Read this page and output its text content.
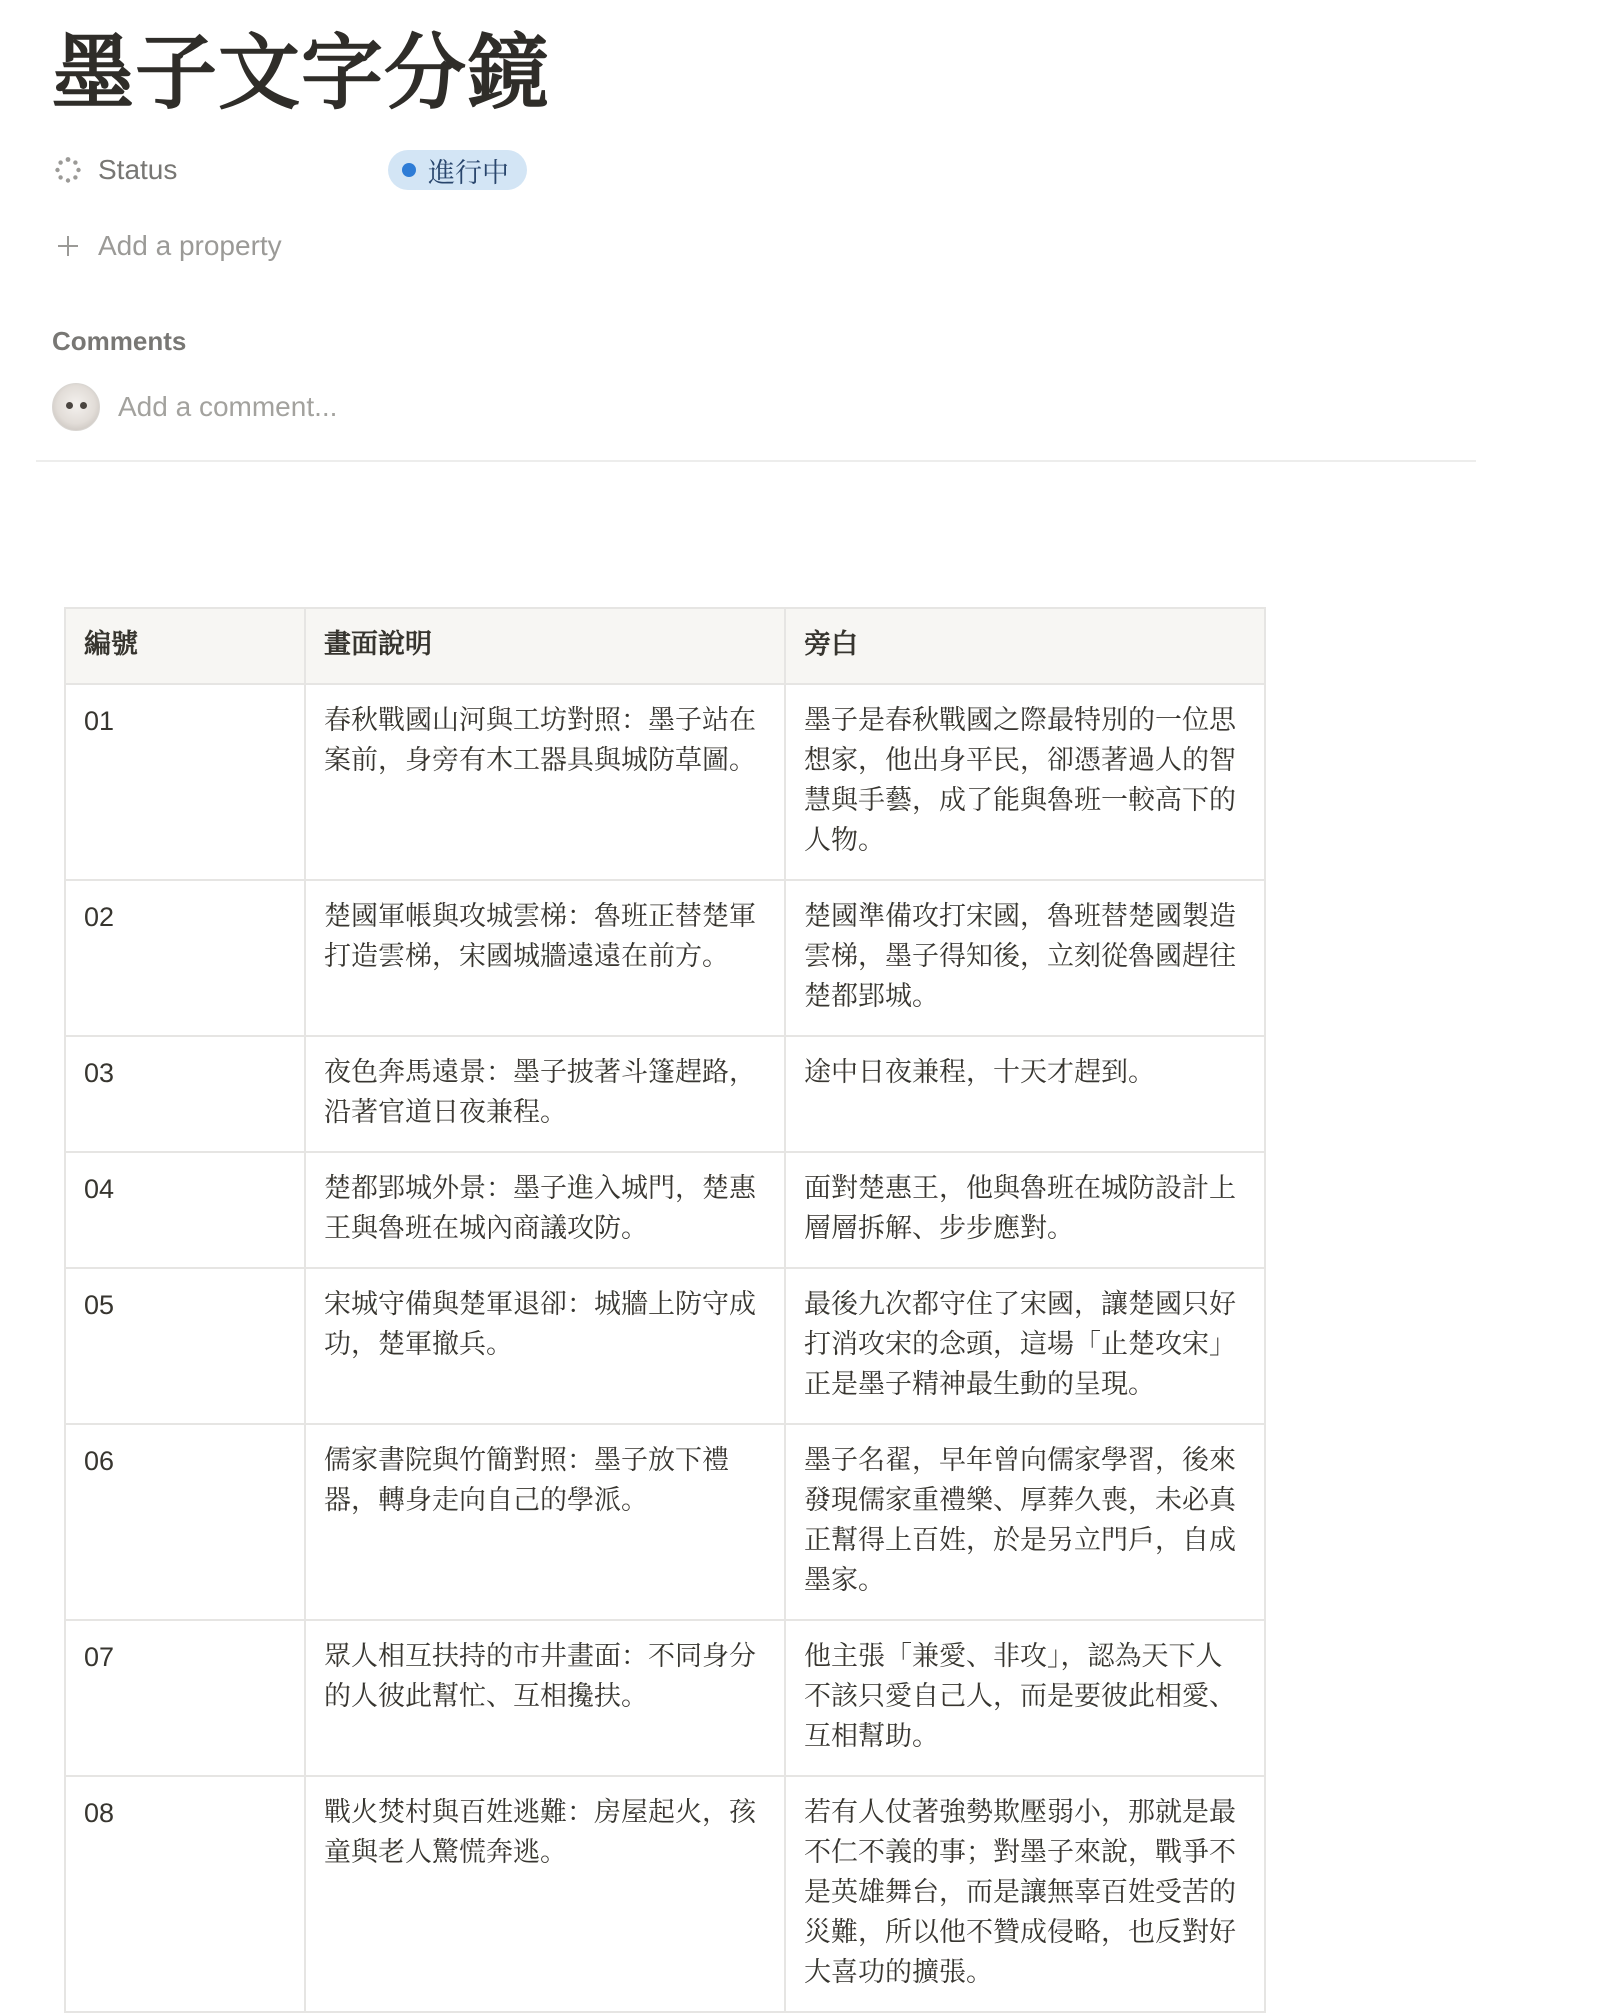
墨子文字分鏡
Status	進行中
Add a property
Comments
Add a comment...
編號	畫面說明	旁白
01	春秋戰國山河與工坊對照：墨子站在案前，身旁有木工器具與城防草圖。	墨子是春秋戰國之際最特別的一位思想家，他出身平民，卻憑著過人的智慧與手藝，成了能與魯班一較高下的人物。
02	楚國軍帳與攻城雲梯：魯班正替楚軍打造雲梯，宋國城牆遠遠在前方。	楚國準備攻打宋國，魯班替楚國製造雲梯，墨子得知後，立刻從魯國趕往楚都郢城。
03	夜色奔馬遠景：墨子披著斗篷趕路，沿著官道日夜兼程。	途中日夜兼程，十天才趕到。
04	楚都郢城外景：墨子進入城門，楚惠王與魯班在城內商議攻防。	面對楚惠王，他與魯班在城防設計上層層拆解、步步應對。
05	宋城守備與楚軍退卻：城牆上防守成功，楚軍撤兵。	最後九次都守住了宋國，讓楚國只好打消攻宋的念頭，這場「止楚攻宋」正是墨子精神最生動的呈現。
06	儒家書院與竹簡對照：墨子放下禮器，轉身走向自己的學派。	墨子名翟，早年曾向儒家學習，後來發現儒家重禮樂、厚葬久喪，未必真正幫得上百姓，於是另立門戶，自成墨家。
07	眾人相互扶持的市井畫面：不同身分的人彼此幫忙、互相攙扶。	他主張「兼愛、非攻」，認為天下人不該只愛自己人，而是要彼此相愛、互相幫助。
08	戰火焚村與百姓逃難：房屋起火，孩童與老人驚慌奔逃。	若有人仗著強勢欺壓弱小，那就是最不仁不義的事；對墨子來說，戰爭不是英雄舞台，而是讓無辜百姓受苦的災難，所以他不贊成侵略，也反對好大喜功的擴張。
